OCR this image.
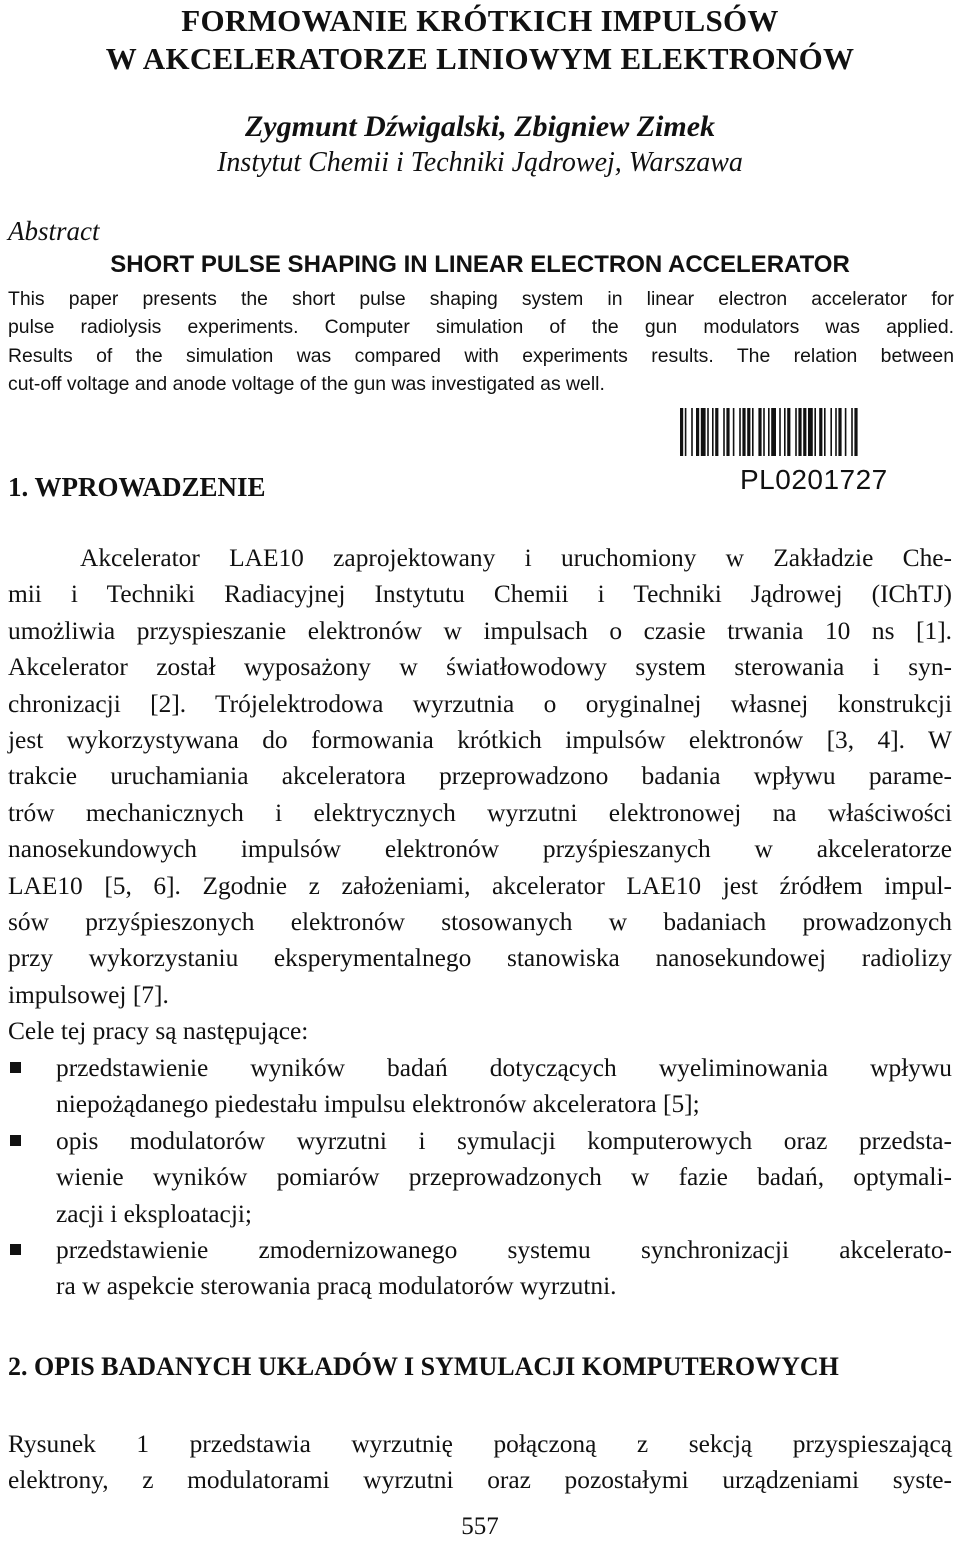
FORMOWANIE KRÓTKICH IMPULSÓW
W AKCELERATORZE LINIOWYM ELEKTRONÓW
Zygmunt Dźwigalski, Zbigniew Zimek
Instytut Chemii i Techniki Jądrowej, Warszawa
Abstract
SHORT PULSE SHAPING IN LINEAR ELECTRON ACCELERATOR
This paper presents the short pulse shaping system in linear electron accelerator for
pulse radiolysis experiments. Computer simulation of the gun modulators was applied.
Results of the simulation was compared with experiments results. The relation between
cut-off voltage and anode voltage of the gun was investigated as well.
PL0201727
1. WPROWADZENIE
Akcelerator LAE10 zaprojektowany i uruchomiony w Zakładzie Che-
mii i Techniki Radiacyjnej Instytutu Chemii i Techniki Jądrowej (IChTJ)
umożliwia przyspieszanie elektronów w impulsach o czasie trwania 10 ns [1].
Akcelerator został wyposażony w światłowodowy system sterowania i syn-
chronizacji [2]. Trójelektrodowa wyrzutnia o oryginalnej własnej konstrukcji
jest wykorzystywana do formowania krótkich impulsów elektronów [3, 4]. W
trakcie uruchamiania akceleratora przeprowadzono badania wpływu parame-
trów mechanicznych i elektrycznych wyrzutni elektronowej na właściwości
nanosekundowych impulsów elektronów przyśpieszanych w akceleratorze
LAE10 [5, 6]. Zgodnie z założeniami, akcelerator LAE10 jest źródłem impul-
sów przyśpieszonych elektronów stosowanych w badaniach prowadzonych
przy wykorzystaniu eksperymentalnego stanowiska nanosekundowej radiolizy
impulsowej [7].
Cele tej pracy są następujące:
przedstawienie wyników badań dotyczących wyeliminowania wpływu
niepożądanego piedestału impulsu elektronów akceleratora [5];
opis modulatorów wyrzutni i symulacji komputerowych oraz przedsta-
wienie wyników pomiarów przeprowadzonych w fazie badań, optymali-
zacji i eksploatacji;
przedstawienie zmodernizowanego systemu synchronizacji akcelerato-
ra w aspekcie sterowania pracą modulatorów wyrzutni.
2. OPIS BADANYCH UKŁADÓW I SYMULACJI KOMPUTEROWYCH
Rysunek 1 przedstawia wyrzutnię połączoną z sekcją przyspieszającą
elektrony, z modulatorami wyrzutni oraz pozostałymi urządzeniami syste-
557
